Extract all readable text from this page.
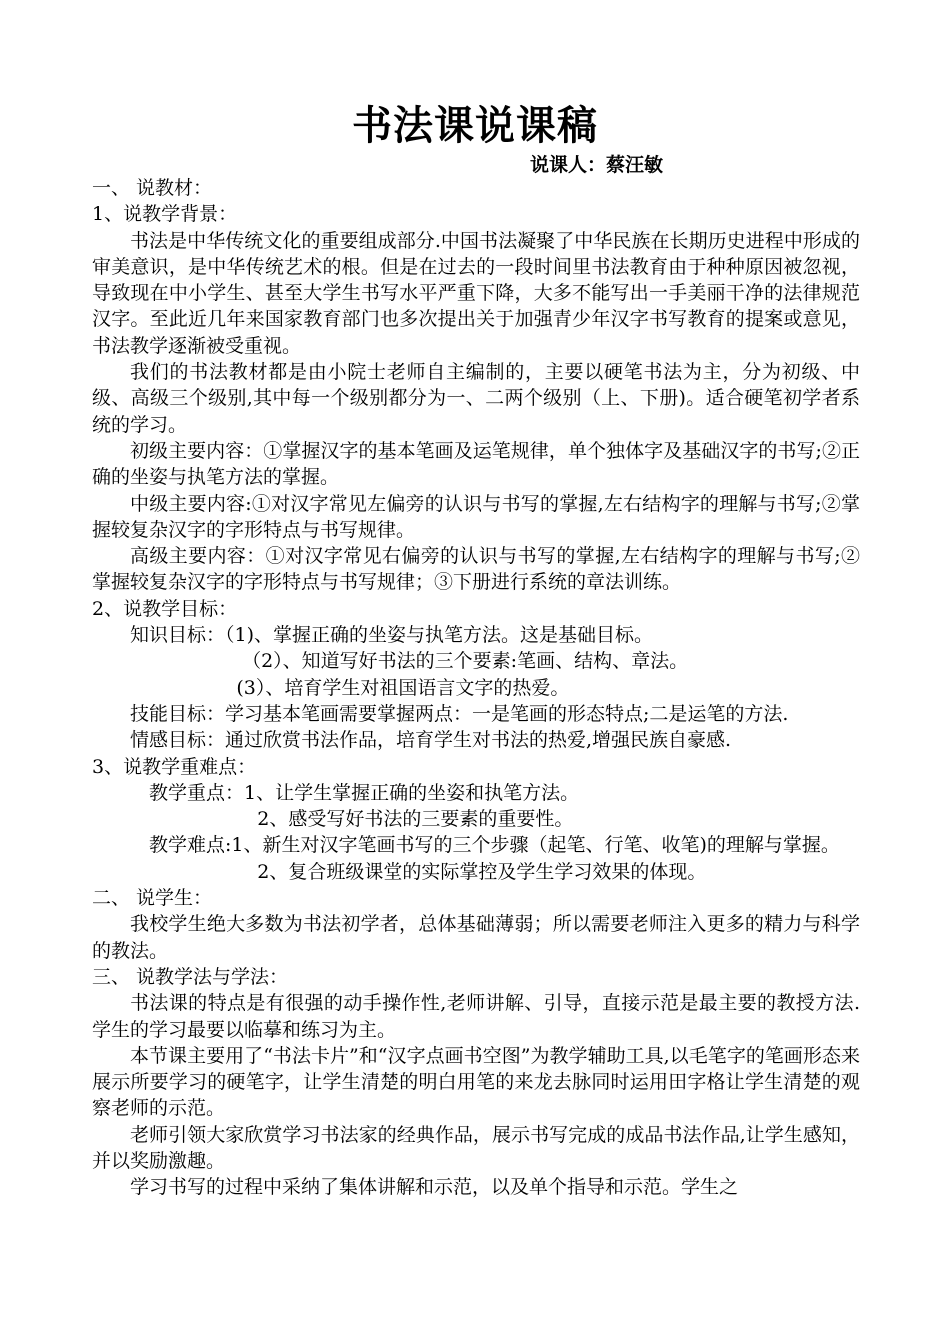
书法课说课稿
说课人：蔡汪敏
一、 说教材：
1、说教学背景：
书法是中华传统文化的重要组成部分.中国书法凝聚了中华民族在长期历史进程中形成的审美意识，是中华传统艺术的根。但是在过去的一段时间里书法教育由于种种原因被忽视，导致现在中小学生、甚至大学生书写水平严重下降，大多不能写出一手美丽干净的法律规范汉字。至此近几年来国家教育部门也多次提出关于加强青少年汉字书写教育的提案或意见，书法教学逐渐被受重视。
我们的书法教材都是由小院士老师自主编制的，主要以硬笔书法为主，分为初级、中级、高级三个级别,其中每一个级别都分为一、二两个级别（上、下册)。适合硬笔初学者系统的学习。
初级主要内容：①掌握汉字的基本笔画及运笔规律，单个独体字及基础汉字的书写;②正确的坐姿与执笔方法的掌握。
中级主要内容:①对汉字常见左偏旁的认识与书写的掌握,左右结构字的理解与书写;②掌握较复杂汉字的字形特点与书写规律。
高级主要内容：①对汉字常见右偏旁的认识与书写的掌握,左右结构字的理解与书写;②掌握较复杂汉字的字形特点与书写规律；③下册进行系统的章法训练。
2、说教学目标：
知识目标：（1)、掌握正确的坐姿与执笔方法。这是基础目标。
（2）、知道写好书法的三个要素:笔画、结构、章法。
(3）、培育学生对祖国语言文字的热爱。
技能目标： 学习基本笔画需要掌握两点：一是笔画的形态特点;二是运笔的方法.
情感目标：通过欣赏书法作品，培育学生对书法的热爱,增强民族自豪感.
3、说教学重难点：
教学重点： 1、让学生掌握正确的坐姿和执笔方法。
2、感受写好书法的三要素的重要性。
教学难点: 1、新生对汉字笔画书写的三个步骤（起笔、行笔、收笔)的理解与掌握。
2、复合班级课堂的实际掌控及学生学习效果的体现。
二、 说学生：
我校学生绝大多数为书法初学者，总体基础薄弱；所以需要老师注入更多的精力与科学的教法。
三、 说教学法与学法：
书法课的特点是有很强的动手操作性,老师讲解、引导，直接示范是最主要的教授方法.学生的学习最要以临摹和练习为主。
本节课主要用了“书法卡片”和“汉字点画书空图”为教学辅助工具,以毛笔字的笔画形态来展示所要学习的硬笔字，让学生清楚的明白用笔的来龙去脉同时运用田字格让学生清楚的观察老师的示范。
老师引领大家欣赏学习书法家的经典作品，展示书写完成的成品书法作品,让学生感知，并以奖励激趣。
学习书写的过程中采纳了集体讲解和示范，以及单个指导和示范。学生之
